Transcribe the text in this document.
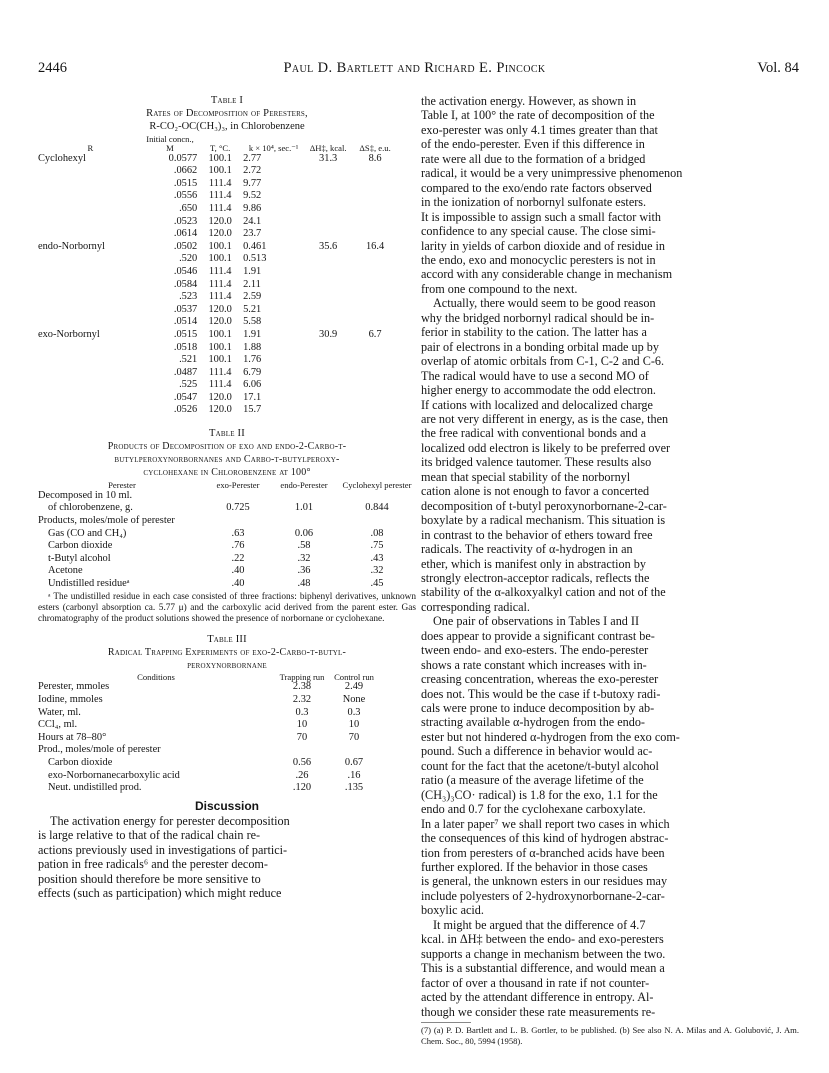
2446	Paul D. Bartlett and Richard E. Pincock	Vol. 84
Table I
Rates of Decomposition of Peresters,
R-CO₂-OC(CH₃)₃, in Chlorobenzene
R	Initial concn., M	T, °C.	k × 10⁴, sec.⁻¹	ΔH‡, kcal.	ΔS‡, e.u.
Cyclohexyl	0.0577	100.1	2.77	31.3	8.6
	.0662	100.1	2.72		
	.0515	111.4	9.77		
	.0556	111.4	9.52		
	.650	111.4	9.86		
	.0523	120.0	24.1		
	.0614	120.0	23.7		
endo-Norbornyl	.0502	100.1	0.461	35.6	16.4
	.520	100.1	0.513		
	.0546	111.4	1.91		
	.0584	111.4	2.11		
	.523	111.4	2.59		
	.0537	120.0	5.21		
	.0514	120.0	5.58		
exo-Norbornyl	.0515	100.1	1.91	30.9	6.7
	.0518	100.1	1.88		
	.521	100.1	1.76		
	.0487	111.4	6.79		
	.525	111.4	6.06		
	.0547	120.0	17.1		
	.0526	120.0	15.7		
Table II
Products of Decomposition of exo and endo-2-Carbo-t-
butylperoxynorbornanes and Carbo-t-butylperoxy-
cyclohexane in Chlorobenzene at 100°
Perester	exo-Perester	endo-Perester	Cyclohexyl perester
Decomposed in 10 ml.			
of chlorobenzene, g.	0.725	1.01	0.844
Products, moles/mole of perester			
Gas (CO and CH₄)	.63	0.06	.08
Carbon dioxide	.76	.58	.75
t-Butyl alcohol	.22	.32	.43
Acetone	.40	.36	.32
Undistilled residueᵃ	.40	.48	.45
ᵃ The undistilled residue in each case consisted of three fractions: biphenyl derivatives, unknown esters (carbonyl absorption ca. 5.77 μ) and the carboxylic acid derived from the parent ester. Gas chromatography of the product solutions showed the presence of norbornane or cyclohexane.
Table III
Radical Trapping Experiments of exo-2-Carbo-t-butyl-
peroxynorbornane
Conditions	Trapping run	Control run
Perester, mmoles	2.38	2.49
Iodine, mmoles	2.32	None
Water, ml.	0.3	0.3
CCl₄, ml.	10	10
Hours at 78–80°	70	70
Prod., moles/mole of perester		
Carbon dioxide	0.56	0.67
exo-Norbornanecarboxylic acid	.26	.16
Neut. undistilled prod.	.120	.135
Discussion
The activation energy for perester decomposition
is large relative to that of the radical chain re-
actions previously used in investigations of partici-
pation in free radicals⁶ and the perester decom-
position should therefore be more sensitive to
effects (such as participation) which might reduce
the activation energy. However, as shown in
Table I, at 100° the rate of decomposition of the
exo-perester was only 4.1 times greater than that
of the endo-perester. Even if this difference in
rate were all due to the formation of a bridged
radical, it would be a very unimpressive phenomenon
compared to the exo/endo rate factors observed
in the ionization of norbornyl sulfonate esters.
It is impossible to assign such a small factor with
confidence to any special cause. The close simi-
larity in yields of carbon dioxide and of residue in
the endo, exo and monocyclic peresters is not in
accord with any considerable change in mechanism
from one compound to the next.
Actually, there would seem to be good reason
why the bridged norbornyl radical should be in-
ferior in stability to the cation. The latter has a
pair of electrons in a bonding orbital made up by
overlap of atomic orbitals from C-1, C-2 and C-6.
The radical would have to use a second MO of
higher energy to accommodate the odd electron.
If cations with localized and delocalized charge
are not very different in energy, as is the case, then
the free radical with conventional bonds and a
localized odd electron is likely to be preferred over
its bridged valence tautomer. These results also
mean that special stability of the norbornyl
cation alone is not enough to favor a concerted
decomposition of t-butyl peroxynorbornane-2-car-
boxylate by a radical mechanism. This situation is
in contrast to the behavior of ethers toward free
radicals. The reactivity of α-hydrogen in an
ether, which is manifest only in abstraction by
strongly electron-acceptor radicals, reflects the
stability of the α-alkoxyalkyl cation and not of the
corresponding radical.
One pair of observations in Tables I and II
does appear to provide a significant contrast be-
tween endo- and exo-esters. The endo-perester
shows a rate constant which increases with in-
creasing concentration, whereas the exo-perester
does not. This would be the case if t-butoxy radi-
cals were prone to induce decomposition by ab-
stracting available α-hydrogen from the endo-
ester but not hindered α-hydrogen from the exo com-
pound. Such a difference in behavior would ac-
count for the fact that the acetone/t-butyl alcohol
ratio (a measure of the average lifetime of the
(CH₃)₃CO· radical) is 1.8 for the exo, 1.1 for the
endo and 0.7 for the cyclohexane carboxylate.
In a later paper⁷ we shall report two cases in which
the consequences of this kind of hydrogen abstrac-
tion from peresters of α-branched acids have been
further explored. If the behavior in those cases
is general, the unknown esters in our residues may
include polyesters of 2-hydroxynorbornane-2-car-
boxylic acid.
It might be argued that the difference of 4.7
kcal. in ΔH‡ between the endo- and exo-peresters
supports a change in mechanism between the two.
This is a substantial difference, and would mean a
factor of over a thousand in rate if not counter-
acted by the attendant difference in entropy. Al-
though we consider these rate measurements re-
(7) (a) P. D. Bartlett and L. B. Gortler, to be published. (b) See also N. A. Milas and A. Golubović, J. Am. Chem. Soc., 80, 5994 (1958).
